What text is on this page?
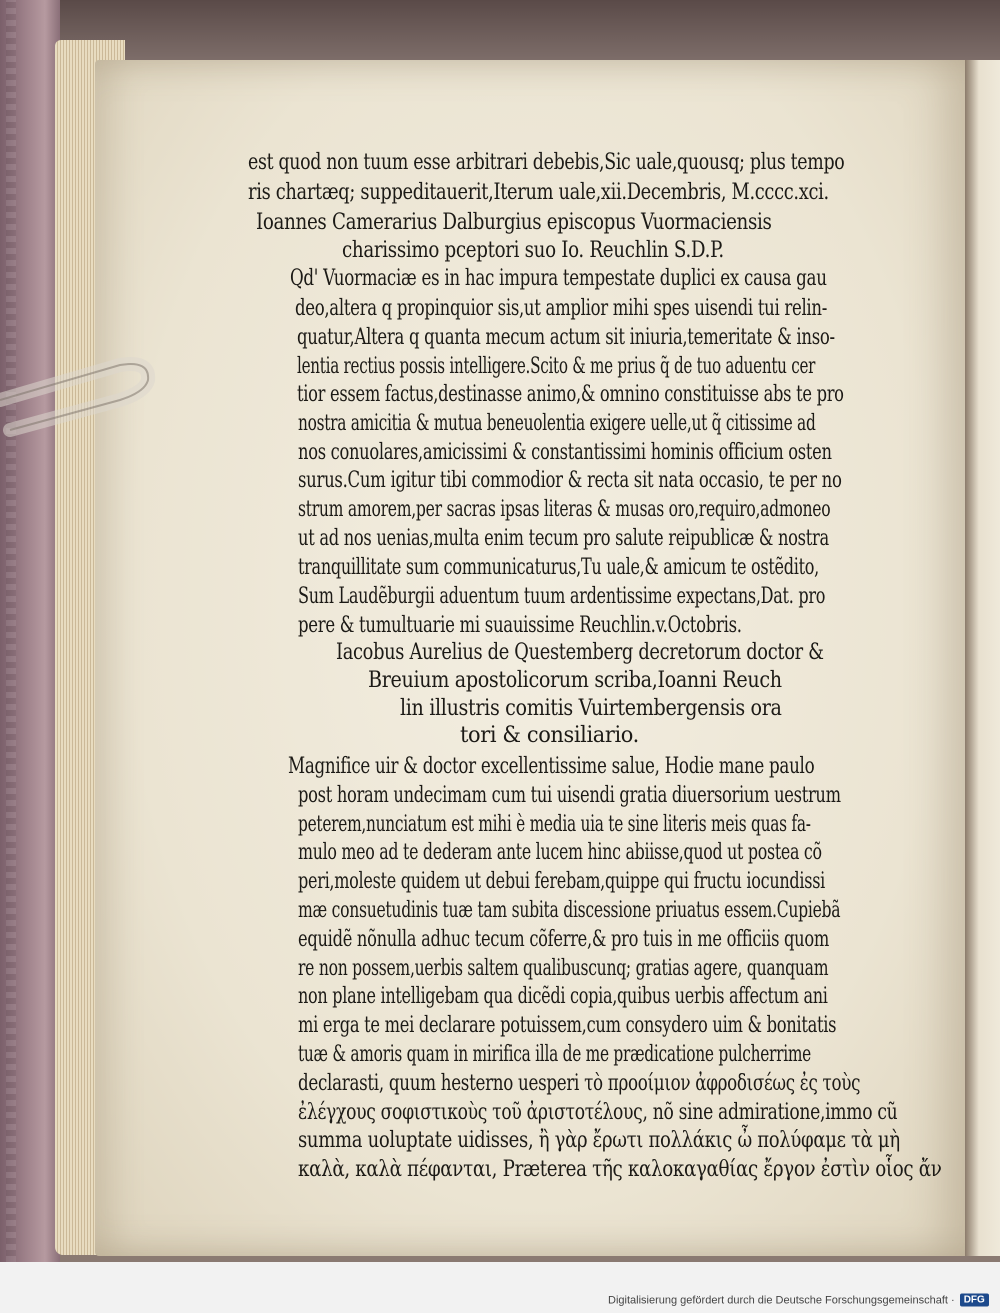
est quod non tuum esse arbitrari debebis,Sic uale,quousq; plus tempo
ris chartæq; suppeditauerit,Iterum uale,xii.Decembris, M.cccc.xci.
Ioannes Camerarius Dalburgius episcopus Vuormaciensis
charissimo pceptori suo Io. Reuchlin S.D.P.
Qd' Vuormaciæ es in hac impura tempestate duplici ex causa gau
deo,altera q propinquior sis,ut amplior mihi spes uisendi tui relin-
quatur,Altera q quanta mecum actum sit iniuria,temeritate & inso-
lentia rectius possis intelligere.Scito & me prius q̃ de tuo aduentu cer
tior essem factus,destinasse animo,& omnino constituisse abs te pro
nostra amicitia & mutua beneuolentia exigere uelle,ut q̃ citissime ad
nos conuolares,amicissimi & constantissimi hominis officium osten
surus.Cum igitur tibi commodior & recta sit nata occasio, te per no
strum amorem,per sacras ipsas literas & musas oro,requiro,admoneo
ut ad nos uenias,multa enim tecum pro salute reipublicæ & nostra
tranquillitate sum communicaturus,Tu uale,& amicum te ostẽdito,
Sum Laudẽburgii aduentum tuum ardentissime expectans,Dat. pro
pere & tumultuarie mi suauissime Reuchlin.v.Octobris.
Iacobus Aurelius de Questemberg decretorum doctor &
Breuium apostolicorum scriba,Ioanni Reuch
lin illustris comitis Vuirtembergensis ora
tori & consiliario.
Magnifice uir & doctor excellentissime salue, Hodie mane paulo
post horam undecimam cum tui uisendi gratia diuersorium uestrum
peterem,nunciatum est mihi è media uia te sine literis meis quas fa-
mulo meo ad te dederam ante lucem hinc abiisse,quod ut postea cõ
peri,moleste quidem ut debui ferebam,quippe qui fructu iocundissi
mæ consuetudinis tuæ tam subita discessione priuatus essem.Cupiebã
equidẽ nõnulla adhuc tecum cõferre,& pro tuis in me officiis quom
re non possem,uerbis saltem qualibuscunq; gratias agere, quanquam
non plane intelligebam qua dicẽdi copia,quibus uerbis affectum ani
mi erga te mei declarare potuissem,cum consydero uim & bonitatis
tuæ & amoris quam in mirifica illa de me prædicatione pulcherrime
declarasti, quum hesterno uesperi τὸ προοίμιον ἀφροδισέως ἐς τοὺς
ἐλέγχους σοφιστικοὺς τοῦ ἀριστοτέλους, nõ sine admiratione,immo cũ
summa uoluptate uidisses, ἢ γὰρ ἔρωτι πολλάκις ὦ πολύφαμε τὰ μὴ
καλὰ, καλὰ πέφανται, Præterea τῆς καλοκαγαθίας ἔργον ἐστὶν οἷος ἄν
Digitalisierung gefördert durch die Deutsche Forschungsgemeinschaft · DFG
